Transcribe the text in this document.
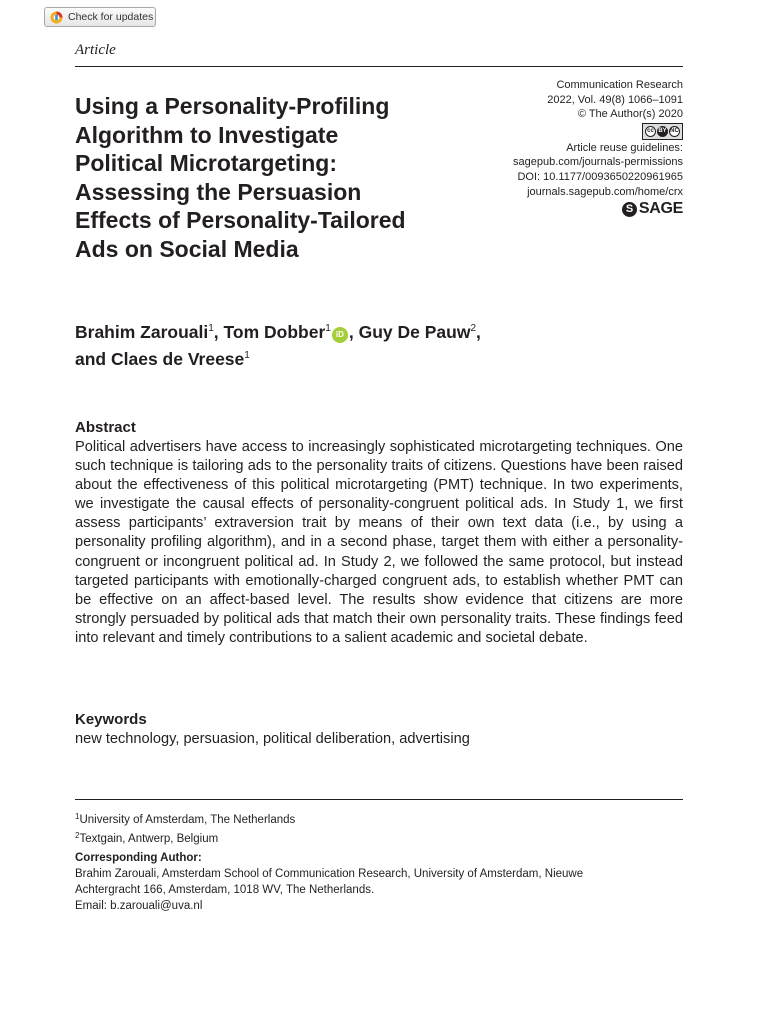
Check for updates
Article
Using a Personality-Profiling
Algorithm to Investigate
Political Microtargeting:
Assessing the Persuasion
Effects of Personality-Tailored
Ads on Social Media
Communication Research
2022, Vol. 49(8) 1066–1091
© The Author(s) 2020
cc BY NC
Article reuse guidelines:
sagepub.com/journals-permissions
DOI: 10.1177/0093650220961965
journals.sagepub.com/home/crx
S SAGE
Brahim Zarouali$^1$, Tom Dobber$^1$iD , Guy De Pauw$^2$,
and Claes de Vreese$^1$
Abstract

Political advertisers have access to increasingly sophisticated microtargeting techniques. One such technique is tailoring ads to the personality traits of citizens. Questions have been raised about the effectiveness of this political microtargeting (PMT) technique. In two experiments, we investigate the causal effects of personality-congruent political ads. In Study 1, we first assess participants’ extraversion trait by means of their own text data (i.e., by using a personality profiling algorithm), and in a second phase, target them with either a personality-congruent or incongruent political ad. In Study 2, we followed the same protocol, but instead targeted participants with emotionally-charged congruent ads, to establish whether PMT can be effective on an affect-based level. The results show evidence that citizens are more strongly persuaded by political ads that match their own personality traits. These findings feed into relevant and timely contributions to a salient academic and societal debate.

Keywords
new technology, persuasion, political deliberation, advertising
$^1$University of Amsterdam, The Netherlands
$^2$Textgain, Antwerp, Belgium
Corresponding Author:
Brahim Zarouali, Amsterdam School of Communication Research, University of Amsterdam, Nieuwe
Achtergracht 166, Amsterdam, 1018 WV, The Netherlands.
Email: b.zarouali@uva.nl
